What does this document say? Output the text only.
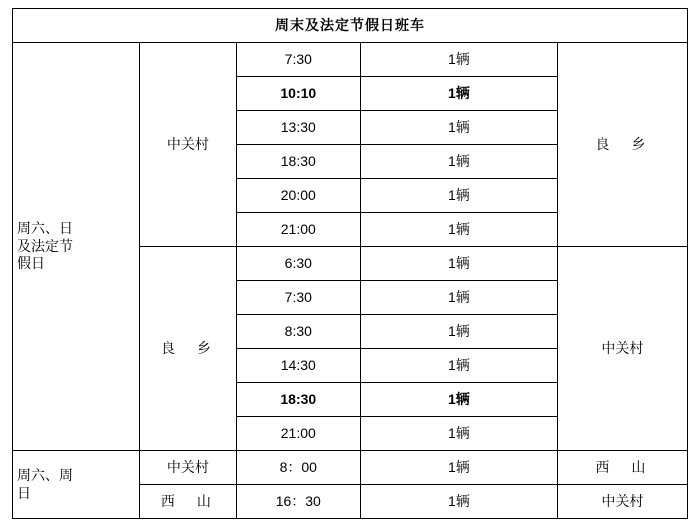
周末及法定节假日班车				

周六、日
及法定节
假日	中关村	7:30	1辆	良　乡
		10:10	1辆	
		13:30	1辆	
		18:30	1辆	
		20:00	1辆	
		21:00	1辆	
	良　乡	6:30	1辆	中关村
		7:30	1辆	
		8:30	1辆	
		14:30	1辆	
		18:30	1辆	
		21:00	1辆	

周六、周
日	中关村	8：00	1辆	西　山
	西　山	16：30	1辆	中关村
